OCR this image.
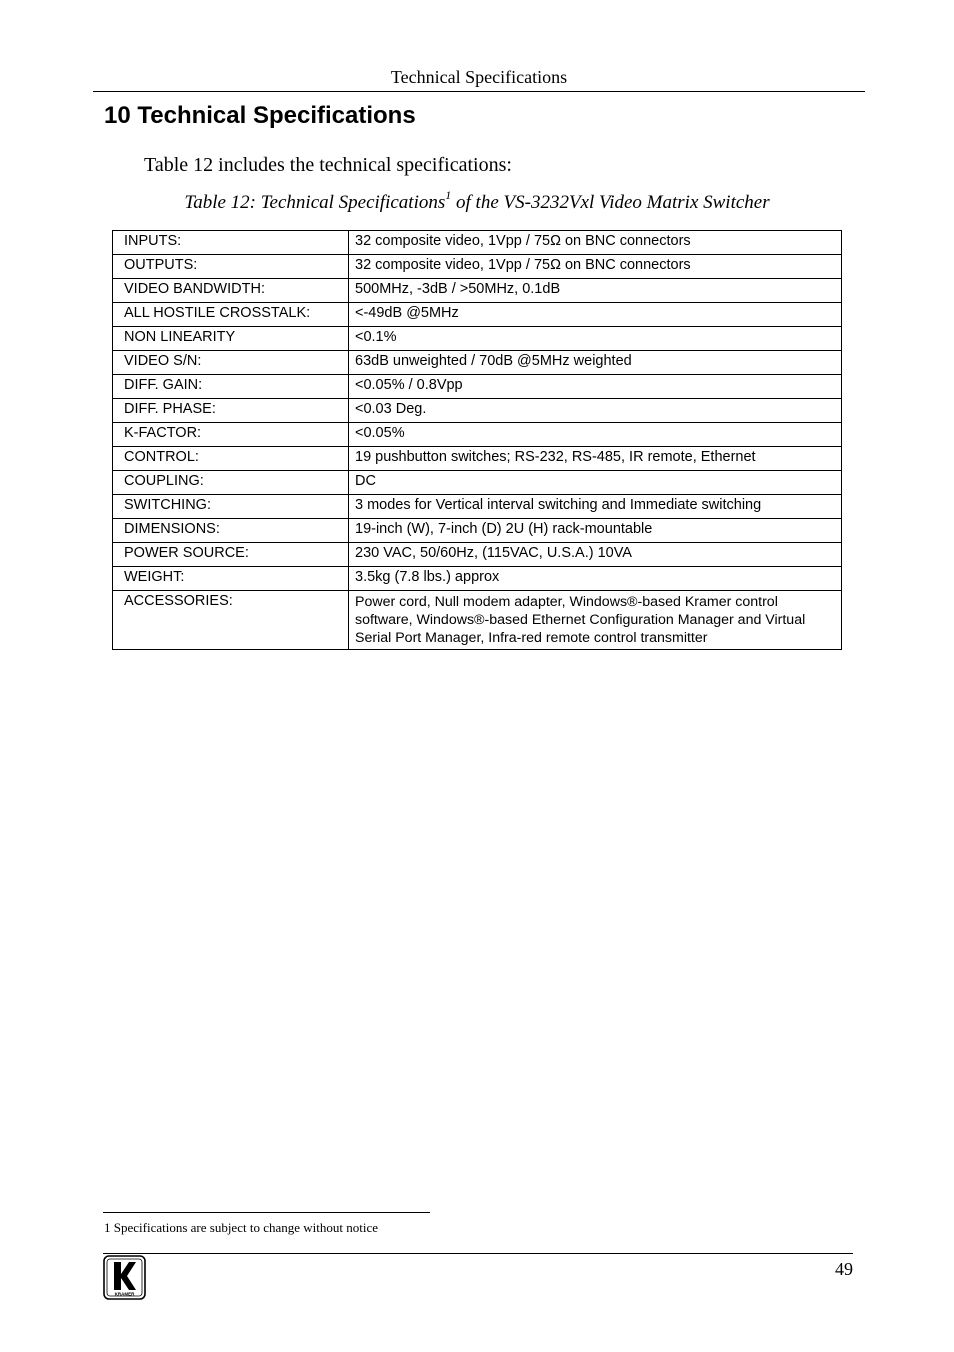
Technical Specifications
10 Technical Specifications

Table 12 includes the technical specifications:

Table 12: Technical Specifications$^1$ of the VS-3232Vxl Video Matrix Switcher

INPUTS:	32 composite video, 1Vpp / 75Ω on BNC connectors
OUTPUTS:	32 composite video, 1Vpp / 75Ω on BNC connectors
VIDEO BANDWIDTH:	500MHz, -3dB / >50MHz, 0.1dB
ALL HOSTILE CROSSTALK:	<-49dB @5MHz
NON LINEARITY	<0.1%
VIDEO S/N:	63dB unweighted / 70dB @5MHz weighted
DIFF. GAIN:	<0.05% / 0.8Vpp
DIFF. PHASE:	<0.03 Deg.
K-FACTOR:	<0.05%
CONTROL:	19 pushbutton switches; RS-232, RS-485, IR remote, Ethernet
COUPLING:	DC
SWITCHING:	3 modes for Vertical interval switching and Immediate switching
DIMENSIONS:	19-inch (W), 7-inch (D) 2U (H) rack-mountable
POWER SOURCE:	230 VAC, 50/60Hz, (115VAC, U.S.A.) 10VA
WEIGHT:	3.5kg (7.8 lbs.) approx
ACCESSORIES:	Power cord, Null modem adapter, Windows®-based Kramer control software, Windows®-based Ethernet Configuration Manager and Virtual Serial Port Manager, Infra-red remote control transmitter

1 Specifications are subject to change without notice

49

KRAMER
